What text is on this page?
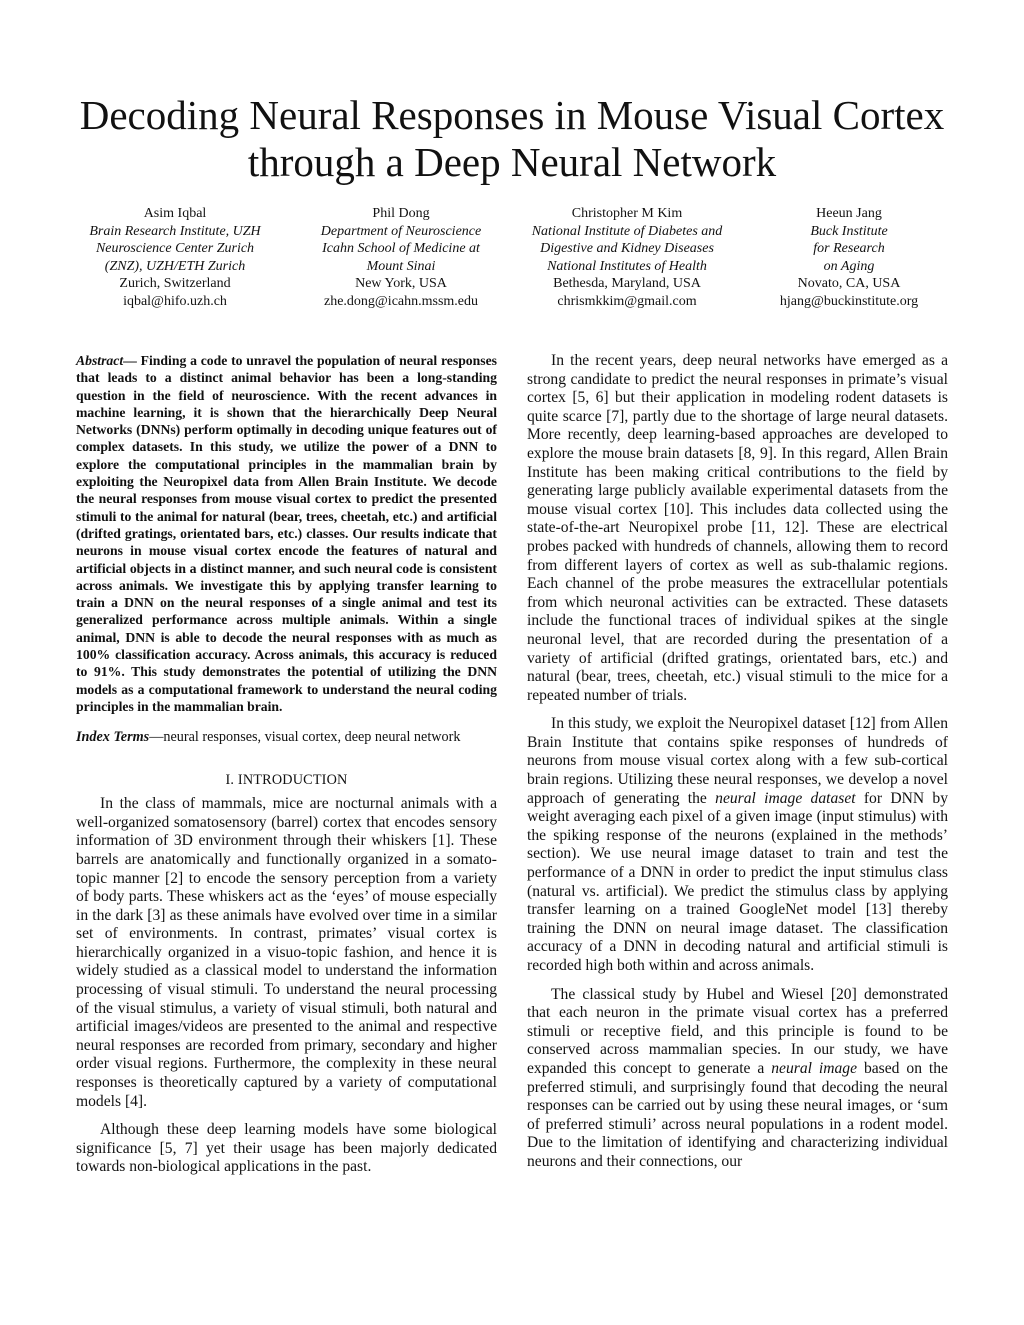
Decoding Neural Responses in Mouse Visual Cortex
through a Deep Neural Network
Asim Iqbal
Brain Research Institute, UZH
Neuroscience Center Zurich
(ZNZ), UZH/ETH Zurich
Zurich, Switzerland
iqbal@hifo.uzh.ch
Phil Dong
Department of Neuroscience
Icahn School of Medicine at
Mount Sinai
New York, USA
zhe.dong@icahn.mssm.edu
Christopher M Kim
National Institute of Diabetes and
Digestive and Kidney Diseases
National Institutes of Health
Bethesda, Maryland, USA
chrismkkim@gmail.com
Heeun Jang
Buck Institute
for Research
on Aging
Novato, CA, USA
hjang@buckinstitute.org

Abstract— Finding a code to unravel the population of neural responses that leads to a distinct animal behavior has been a long-standing question in the field of neuroscience. With the recent advances in machine learning, it is shown that the hierarchically Deep Neural Networks (DNNs) perform optimally in decoding unique features out of complex datasets. In this study, we utilize the power of a DNN to explore the computational principles in the mammalian brain by exploiting the Neuropixel data from Allen Brain Institute. We decode the neural responses from mouse visual cortex to predict the presented stimuli to the animal for natural (bear, trees, cheetah, etc.) and artificial (drifted gratings, orientated bars, etc.) classes. Our results indicate that neurons in mouse visual cortex encode the features of natural and artificial objects in a distinct manner, and such neural code is consistent across animals. We investigate this by applying transfer learning to train a DNN on the neural responses of a single animal and test its generalized performance across multiple animals. Within a single animal, DNN is able to decode the neural responses with as much as 100% classification accuracy. Across animals, this accuracy is reduced to 91%. This study demonstrates the potential of utilizing the DNN models as a computational framework to understand the neural coding principles in the mammalian brain.

Index Terms—neural responses, visual cortex, deep neural network

I. INTRODUCTION

In the class of mammals, mice are nocturnal animals with a well-organized somatosensory (barrel) cortex that encodes sensory information of 3D environment through their whiskers [1]. These barrels are anatomically and functionally organized in a somato-topic manner [2] to encode the sensory perception from a variety of body parts. These whiskers act as the ‘eyes’ of mouse especially in the dark [3] as these animals have evolved over time in a similar set of environments. In contrast, primates’ visual cortex is hierarchically organized in a visuo-topic fashion, and hence it is widely studied as a classical model to understand the information processing of visual stimuli. To understand the neural processing of the visual stimulus, a variety of visual stimuli, both natural and artificial images/videos are presented to the animal and respective neural responses are recorded from primary, secondary and higher order visual regions. Furthermore, the complexity in these neural responses is theoretically captured by a variety of computational models [4].

Although these deep learning models have some biological significance [5, 7] yet their usage has been majorly dedicated towards non-biological applications in the past.

In the recent years, deep neural networks have emerged as a strong candidate to predict the neural responses in primate’s visual cortex [5, 6] but their application in modeling rodent datasets is quite scarce [7], partly due to the shortage of large neural datasets. More recently, deep learning-based approaches are developed to explore the mouse brain datasets [8, 9]. In this regard, Allen Brain Institute has been making critical contributions to the field by generating large publicly available experimental datasets from the mouse visual cortex [10]. This includes data collected using the state-of-the-art Neuropixel probe [11, 12]. These are electrical probes packed with hundreds of channels, allowing them to record from different layers of cortex as well as sub-thalamic regions. Each channel of the probe measures the extracellular potentials from which neuronal activities can be extracted. These datasets include the functional traces of individual spikes at the single neuronal level, that are recorded during the presentation of a variety of artificial (drifted gratings, orientated bars, etc.) and natural (bear, trees, cheetah, etc.) visual stimuli to the mice for a repeated number of trials.

In this study, we exploit the Neuropixel dataset [12] from Allen Brain Institute that contains spike responses of hundreds of neurons from mouse visual cortex along with a few sub-cortical brain regions. Utilizing these neural responses, we develop a novel approach of generating the neural image dataset for DNN by weight averaging each pixel of a given image (input stimulus) with the spiking response of the neurons (explained in the methods’ section). We use neural image dataset to train and test the performance of a DNN in order to predict the input stimulus class (natural vs. artificial). We predict the stimulus class by applying transfer learning on a trained GoogleNet model [13] thereby training the DNN on neural image dataset. The classification accuracy of a DNN in decoding natural and artificial stimuli is recorded high both within and across animals.

The classical study by Hubel and Wiesel [20] demonstrated that each neuron in the primate visual cortex has a preferred stimuli or receptive field, and this principle is found to be conserved across mammalian species. In our study, we have expanded this concept to generate a neural image based on the preferred stimuli, and surprisingly found that decoding the neural responses can be carried out by using these neural images, or ‘sum of preferred stimuli’ across neural populations in a rodent model. Due to the limitation of identifying and characterizing individual neurons and their connections, our
